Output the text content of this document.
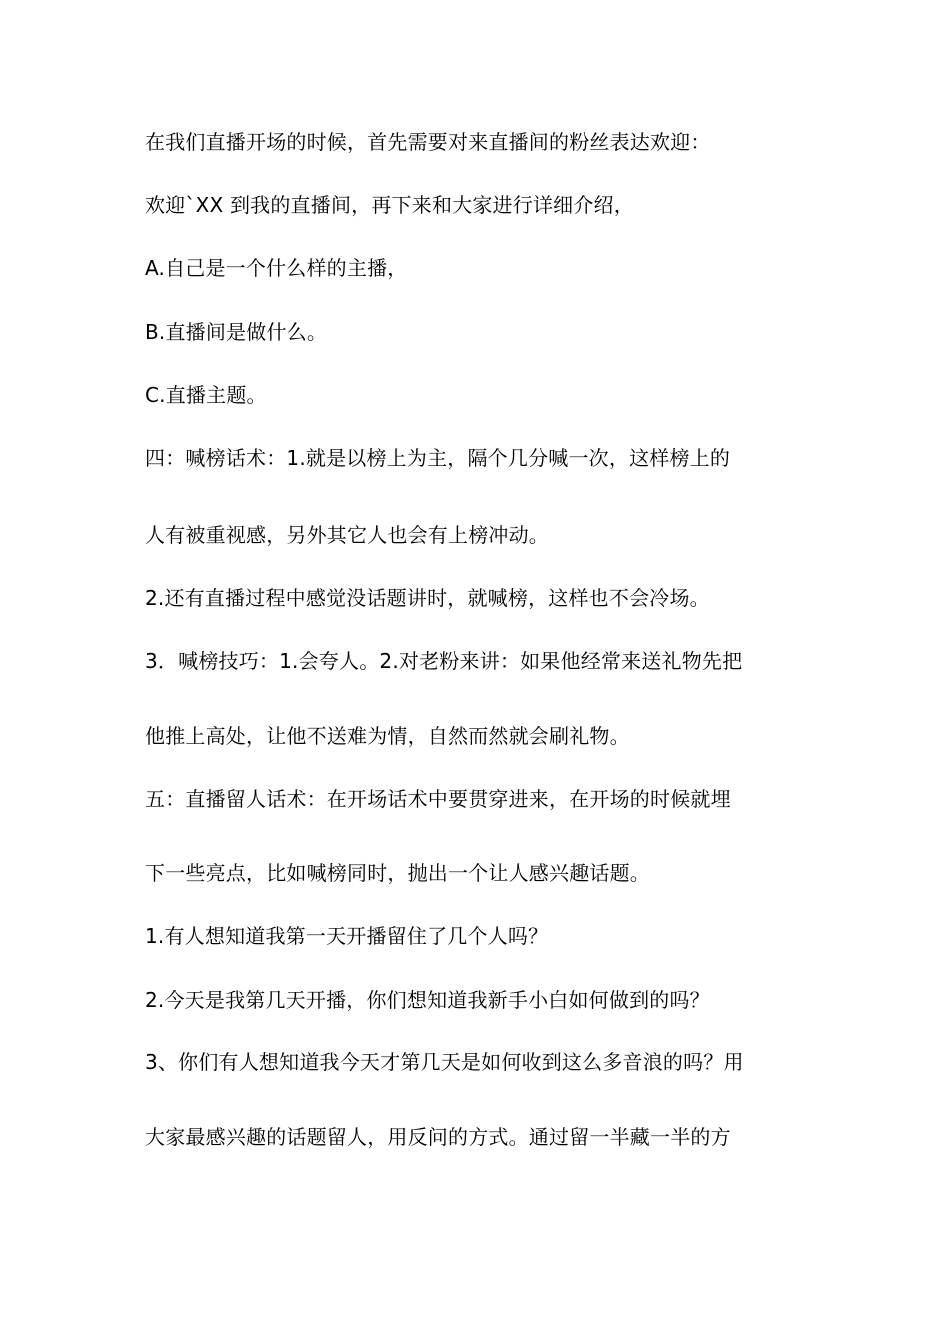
在我们直播开场的时候，首先需要对来直播间的粉丝表达欢迎：
欢迎`XX 到我的直播间，再下来和大家进行详细介绍，
A.自己是一个什么样的主播，
B.直播间是做什么。
C.直播主题。
四：喊榜话术：1.就是以榜上为主，隔个几分喊一次，这样榜上的
人有被重视感，另外其它人也会有上榜冲动。
2.还有直播过程中感觉没话题讲时，就喊榜，这样也不会冷场。
3．喊榜技巧：1.会夸人。2.对老粉来讲：如果他经常来送礼物先把
他推上高处，让他不送难为情，自然而然就会刷礼物。
五：直播留人话术：在开场话术中要贯穿进来，在开场的时候就埋
下一些亮点，比如喊榜同时，抛出一个让人感兴趣话题。
1.有人想知道我第一天开播留住了几个人吗？
2.今天是我第几天开播，你们想知道我新手小白如何做到的吗？
3、你们有人想知道我今天才第几天是如何收到这么多音浪的吗？用
大家最感兴趣的话题留人，用反问的方式。通过留一半藏一半的方
